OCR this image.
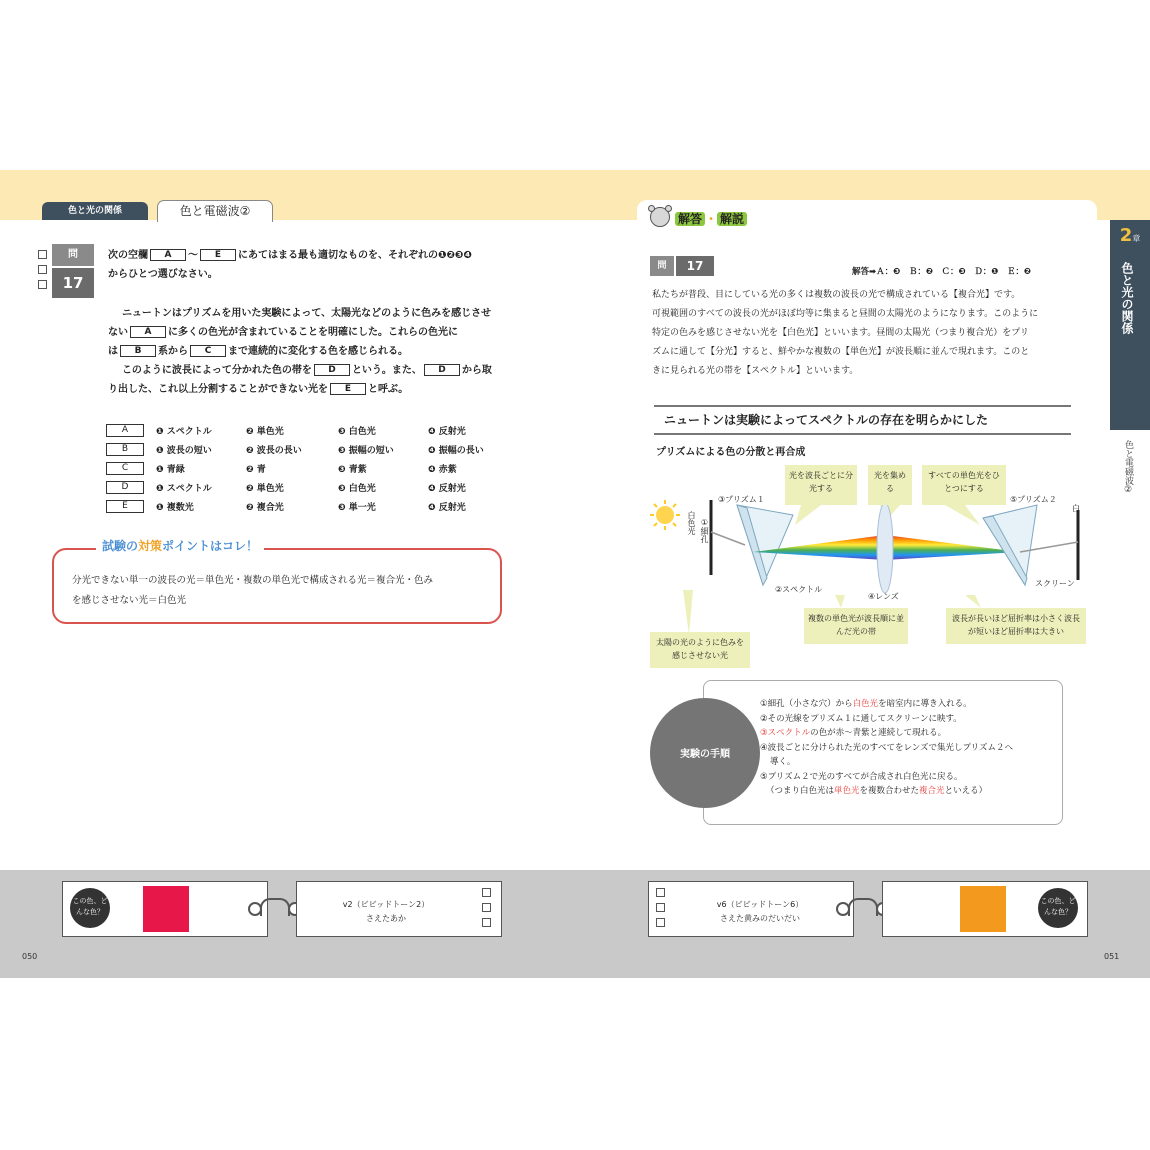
色と光の関係	色と電磁波②
問
17
次の空欄 A ～ E にあてはまる最も適切なものを、それぞれの❶❷❸❹
からひとつ選びなさい。
ニュートンはプリズムを用いた実験によって、太陽光などのように色みを感じさせ
ない A に多くの色光が含まれていることを明確にした。これらの色光に
は B 系から C まで連続的に変化する色を感じられる。
このように波長によって分かれた色の帯を D という。また、 D から取
り出した、これ以上分割することができない光を E と呼ぶ。
A	❶ スペクトル	❷ 単色光	❸ 白色光	❹ 反射光
B	❶ 波長の短い	❷ 波長の長い	❸ 振幅の短い	❹ 振幅の長い
C	❶ 青緑	❷ 青	❸ 青紫	❹ 赤紫
D	❶ スペクトル	❷ 単色光	❸ 白色光	❹ 反射光
E	❶ 複数光	❷ 複合光	❸ 単一光	❹ 反射光
試験の対策ポイントはコレ！
分光できない単一の波長の光＝単色光・複数の単色光で構成される光＝複合光・色み
を感じさせない光＝白色光
解答 ・ 解説
問	17	解答➡Ａ：❸　Ｂ：❷　Ｃ：❸　Ｄ：❶　Ｅ：❷
私たちが普段、目にしている光の多くは複数の波長の光で構成されている【複合光】です。
可視範囲のすべての波長の光がほぼ均等に集まると昼間の太陽光のようになります。このように
特定の色みを感じさせない光を【白色光】といいます。昼間の太陽光（つまり複合光）をプリ
ズムに通して【分光】すると、鮮やかな複数の【単色光】が波長順に並んで現れます。このと
きに見られる光の帯を【スペクトル】といいます。
ニュートンは実験によってスペクトルの存在を明らかにした
プリズムによる色の分散と再合成
光を波長ごとに分光する
光を集める
すべての単色光をひとつにする
③プリズム１	⑤プリズム２
白色光 ①細孔
白
②スペクトル
④レンズ
スクリーン
太陽の光のように色みを感じさせない光
複数の単色光が波長順に並んだ光の帯
波長が長いほど屈折率は小さく波長が短いほど屈折率は大きい
実験の手順
①細孔（小さな穴）から白色光を暗室内に導き入れる。
②その光線をプリズム１に通してスクリーンに映す。
③スペクトルの色が赤～青紫と連続して現れる。
④波長ごとに分けられた光のすべてをレンズで集光しプリズム２へ
導く。
⑤プリズム２で光のすべてが合成され白色光に戻る。
（つまり白色光は単色光を複数合わせた複合光といえる）
2章
色と光の関係
色と電磁波②
この色、どんな色？
v2（ビビッドトーン2）
さえたあか
050
v6（ビビッドトーン6）
さえた黄みのだいだい
この色、どんな色？
051
